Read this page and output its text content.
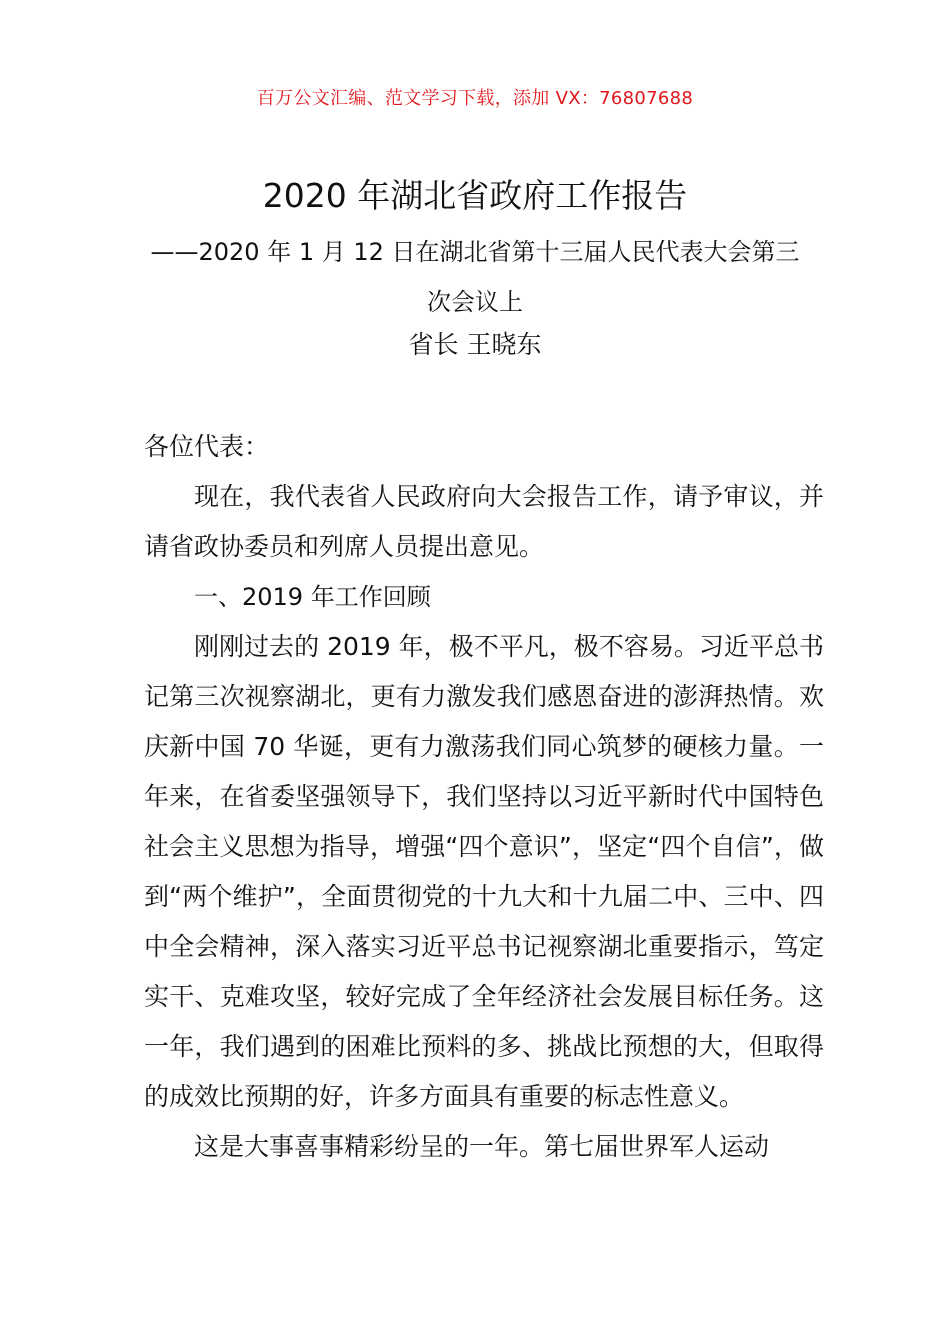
百万公文汇编、范文学习下载，添加 VX：76807688
2020 年湖北省政府工作报告
——2020 年 1 月 12 日在湖北省第十三届人民代表大会第三次会议上
省长 王晓东

各位代表：

现在，我代表省人民政府向大会报告工作，请予审议，并请省政协委员和列席人员提出意见。

一、2019 年工作回顾

刚刚过去的 2019 年，极不平凡，极不容易。习近平总书记第三次视察湖北，更有力激发我们感恩奋进的澎湃热情。欢庆新中国 70 华诞，更有力激荡我们同心筑梦的硬核力量。一年来，在省委坚强领导下，我们坚持以习近平新时代中国特色社会主义思想为指导，增强“四个意识”，坚定“四个自信”，做到“两个维护”，全面贯彻党的十九大和十九届二中、三中、四中全会精神，深入落实习近平总书记视察湖北重要指示，笃定实干、克难攻坚，较好完成了全年经济社会发展目标任务。这一年，我们遇到的困难比预料的多、挑战比预想的大，但取得的成效比预期的好，许多方面具有重要的标志性意义。

这是大事喜事精彩纷呈的一年。第七届世界军人运动
